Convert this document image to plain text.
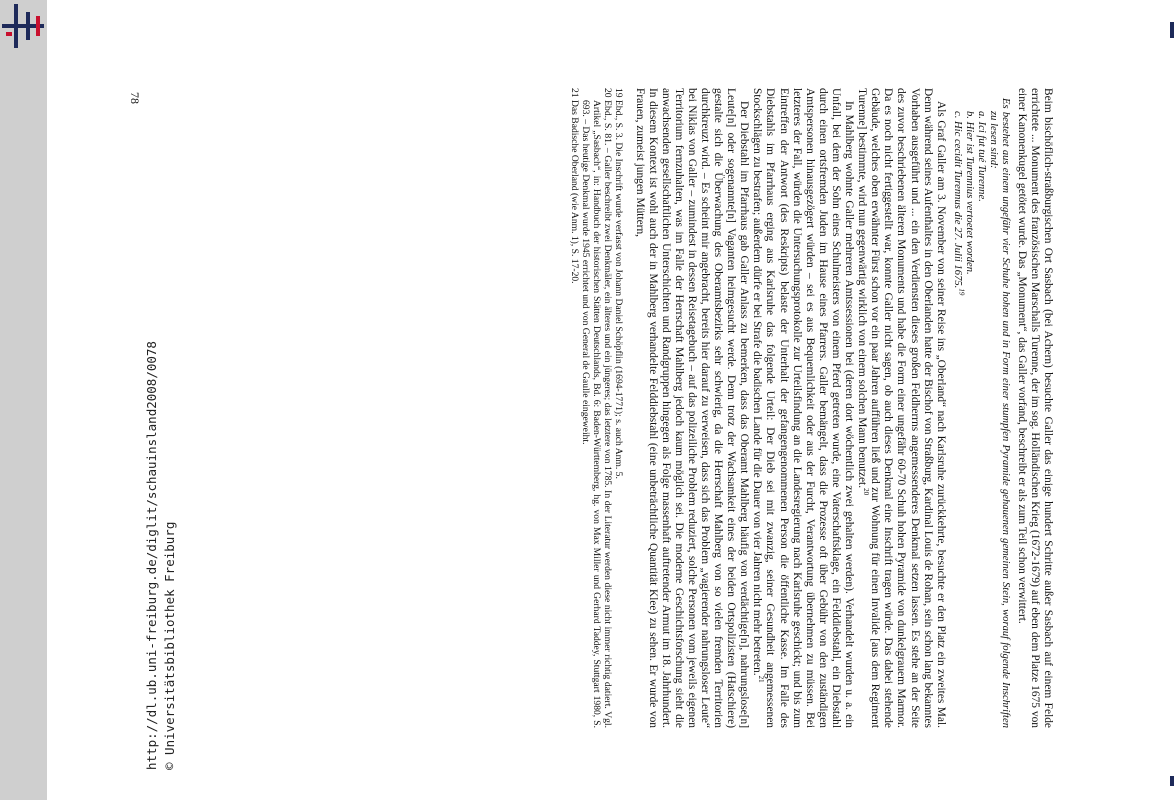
http://dl.ub.uni-freiburg.de/diglit/schauinsland2008/0078 © Universitätsbibliothek Freiburg	Beim bischöflich-straßburgischen Ort Sasbach (bei Achern) besuchte Galler das einige hundert Schritte außer Sasbach auf einem Felde errichtete ... Monument des französischen Marschalls Turenne, der im sog. Holländischen Krieg (1672-1679) auf eben dem Platze 1675 von einer Kanonenkugel getötet wurde. Das „Monument“, das Galler vorfand, beschreibt er als zum Teil schon verwittert.

Es bestehet aus einem ungefähr vier Schuhe hohen und in Form einer stumpfen Pyramide gehauenen gemeinen Stein, worauf folgende Inschriften zu lesen sind:

a. Ici fut tué Turenne.

b. Hier ist Turennius vertoetet worden.

c. Hic cecidit Turennus die 27. Julii 1675.19

Als Graf Galler am 3. November von seiner Reise ins „Oberland“ nach Karlsruhe zurückkehrte, besuchte er den Platz ein zweites Mal. Denn während seines Aufenthaltes in den Oberlanden hatte der Bischof von Straßburg, Kardinal Louis de Rohan, sein schon lang bekanntes Vorhaben ausgeführt und ... ein den Verdiensten dieses großen Feldherrns angemessenderes Denkmal setzen lassen. Es stehe an der Seite des zuvor beschriebenen älteren Monuments und habe die Form einer ungefähr 60-70 Schuh hohen Pyramide von dunkelgrauem Marmor. Da es noch nicht fertiggestellt war, konnte Galler nicht sagen, ob auch dieses Denkmal eine Inschrift tragen würde. Das dabei stehende Gebäude, welches oben erwähnter Fürst schon vor ein paar Jahren aufführen ließ und zur Wohnung für einen Invalide [aus dem Regiment Turenne] bestimmte, wird nun gegenwärtig wirklich von einem solchen Mann benutzet.$^{20}$

In Mahlberg wohnte Galler mehreren Amtssessionen bei (deren dort wöchentlich zwei gehalten werden). Verhandelt wurden u. a. ein Unfall, bei dem der Sohn eines Schulmeisters von einem Pferd getreten wurde, eine Vaterschaftsklage, ein Felddiebstahl, ein Diebstahl durch einen ortsfremden Juden im Hause eines Pfarrers. Galler bemängelt, dass die Prozesse oft über Gebühr von den zuständigen Amtspersonen hinausgezögert würden – sei es aus Bequemlichkeit oder aus der Furcht, Verantwortung übernehmen zu müssen. Bei letzteres der Fall, würden die Untersuchungsprotokolle zur Urteilsfindung an die Landesregierung nach Karlsruhe geschickt; und bis zum Eintreffen der Antwort (des Reskripts) belaste der Unterhalt der gefangengenommenen Person die öffentliche Kasse. Im Falle des Diebstahls im Pfarrhaus erging aus Karlsruhe das folgende Urteil: Der Dieb sei mit zwanzig, seiner Gesundheit angemessenen Stockschlägen zu bestrafen; außerdem dürfe er bei Strafe die badischen Lande für die Dauer von vier Jahren nicht mehr betreten.$^{21}$

Der Diebstahl im Pfarrhaus gab Galler Anlass zu bemerken, dass das Oberamt Mahlberg häufig von verdächtige[n], nahrungslose[n] Leute[n] oder sogenannte[n] Vaganten heimgesucht werde. Denn trotz der Wachsamkeit eines der beiden Ortspolizisten (Hatschiere) gestalte sich die Überwachung des Oberamtsbezirks sehr schwierig, da die Herrschaft Mahlberg von so vielen fremden Territorien durchkreuzt wird. – Es scheint mir angebracht, bereits hier darauf zu verweisen, dass sich das Problem „vagierender nahrungsloser Leute“ bei Niklas von Galler – zumindest in dessen Reisetagebuch – auf das polizeiliche Problem reduziert, solche Personen vom jeweils eigenen Territorium fernzuhalten, was im Falle der Herrschaft Mahlberg jedoch kaum möglich sei. Die moderne Geschichtsforschung sieht die anwachsenden gesellschaftlichen Unterschichten und Randgruppen hingegen als Folge massenhaft auftretender Armut im 18. Jahrhundert. In diesem Kontext ist wohl auch der in Mahlberg verhandelte Felddiebstahl (eine unbeträchtliche Quantität Klee) zu sehen. Er wurde von Frauen, zumeist jungen Müttern,

19 Ebd., S. 3. Die Inschrift wurde verfasst von Johann Daniel Schöpflin (1694-1771); s. auch Anm. 5.
20 Ebd., S. 81. – Galler beschreibt zwei Denkmäler, ein älteres und ein jüngeres; das letztere von 1785. In der Literatur werden diese nicht immer richtig datiert. Vgl. Artikel „Sasbach“, in: Handbuch der historischen Stätten Deutschlands, Bd. 6: Baden-Württemberg, hg. von Max Miller und Gerhard Taddey, Stuttgart 1980, S. 693. – Das heutige Denkmal wurde 1945 errichtet und von General de Gaulle eingeweiht.
21 Das Badische Oberland (wie Anm. 1), S. 17-20.
78
